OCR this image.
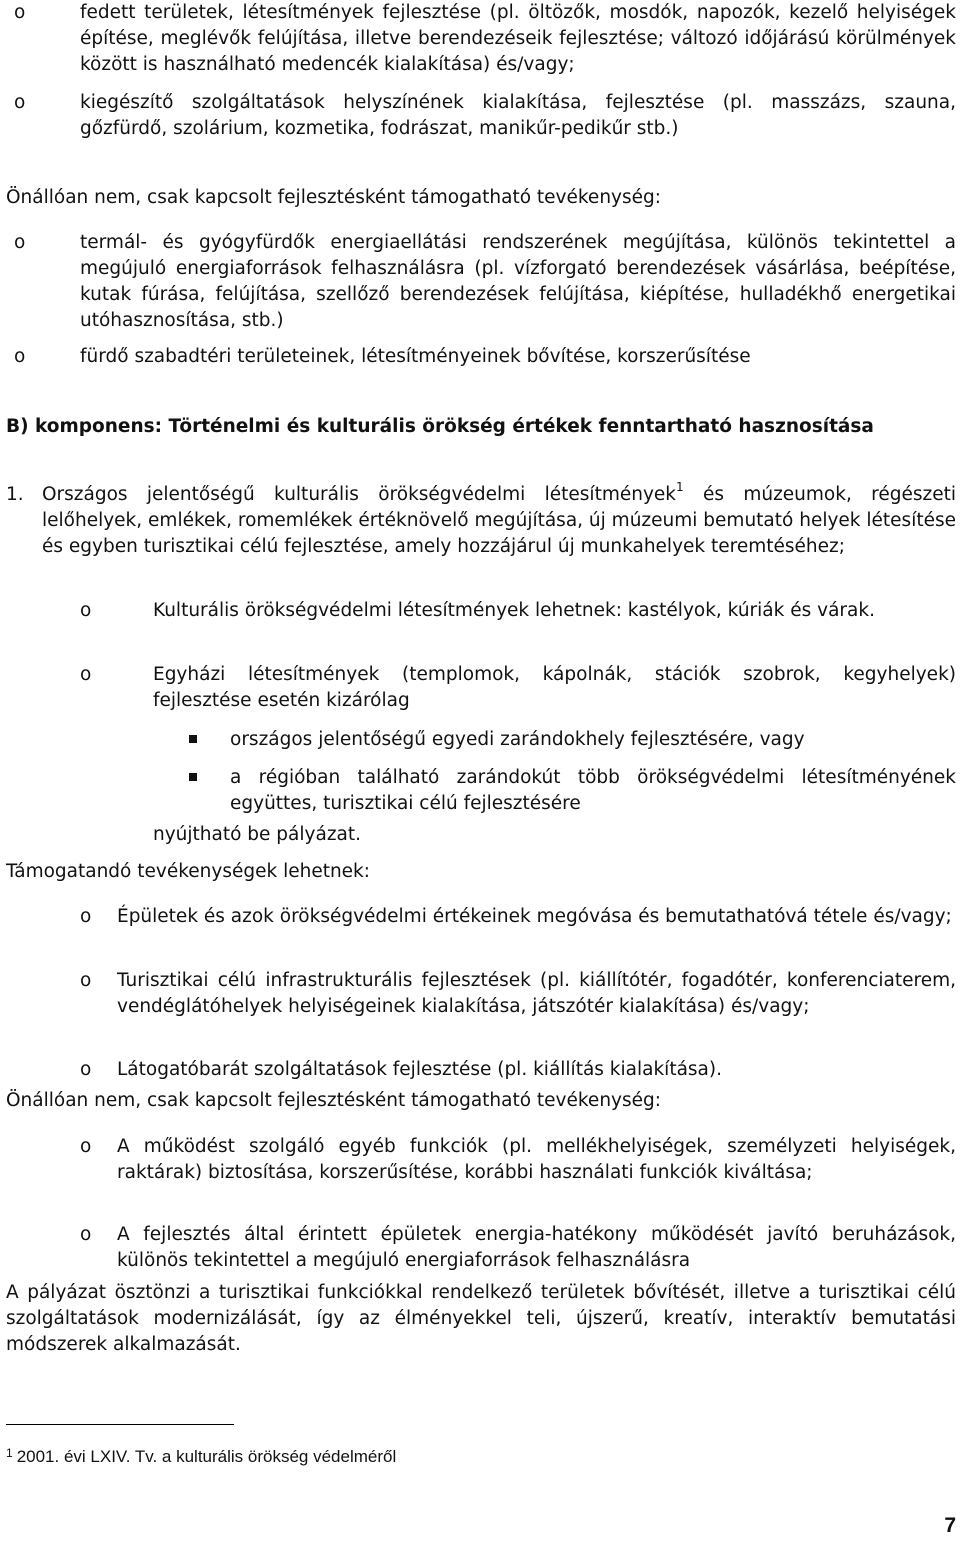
o	fedett területek, létesítmények fejlesztése (pl. öltözők, mosdók, napozók, kezelő helyiségek építése, meglévők felújítása, illetve berendezéseik fejlesztése; változó időjárású körülmények között is használható medencék kialakítása) és/vagy;
o	kiegészítő szolgáltatások helyszínének kialakítása, fejlesztése (pl. masszázs, szauna, gőzfürdő, szolárium, kozmetika, fodrászat, manikűr-pedikűr stb.)
Önállóan nem, csak kapcsolt fejlesztésként támogatható tevékenység:
o	termál- és gyógyfürdők energiaellátási rendszerének megújítása, különös tekintettel a megújuló energiaforrások felhasználásra (pl. vízforgató berendezések vásárlása, beépítése, kutak fúrása, felújítása, szellőző berendezések felújítása, kiépítése, hulladékhő energetikai utóhasznosítása, stb.)
o	fürdő szabadtéri területeinek, létesítményeinek bővítése, korszerűsítése
B) komponens: Történelmi és kulturális örökség értékek fenntartható hasznosítása
1. Országos jelentőségű kulturális örökségvédelmi létesítmények$^1$ és múzeumok, régészeti lelőhelyek, emlékek, romemlékek értéknövelő megújítása, új múzeumi bemutató helyek létesítése és egyben turisztikai célú fejlesztése, amely hozzájárul új munkahelyek teremtéséhez;
o	Kulturális örökségvédelmi létesítmények lehetnek: kastélyok, kúriák és várak.
o	Egyházi létesítmények (templomok, kápolnák, stációk szobrok, kegyhelyek) fejlesztése esetén kizárólag
országos jelentőségű egyedi zarándokhely fejlesztésére, vagy
a régióban található zarándokút több örökségvédelmi létesítményének együttes, turisztikai célú fejlesztésére
nyújtható be pályázat.
Támogatandó tevékenységek lehetnek:
o Épületek és azok örökségvédelmi értékeinek megóvása és bemutathatóvá tétele és/vagy;
o Turisztikai célú infrastrukturális fejlesztések (pl. kiállítótér, fogadótér, konferenciaterem, vendéglátóhelyek helyiségeinek kialakítása, játszótér kialakítása) és/vagy;
o Látogatóbarát szolgáltatások fejlesztése (pl. kiállítás kialakítása).
Önállóan nem, csak kapcsolt fejlesztésként támogatható tevékenység:
o A működést szolgáló egyéb funkciók (pl. mellékhelyiségek, személyzeti helyiségek, raktárak) biztosítása, korszerűsítése, korábbi használati funkciók kiváltása;
o A fejlesztés által érintett épületek energia-hatékony működését javító beruházások, különös tekintettel a megújuló energiaforrások felhasználásra
A pályázat ösztönzi a turisztikai funkciókkal rendelkező területek bővítését, illetve a turisztikai célú szolgáltatások modernizálását, így az élményekkel teli, újszerű, kreatív, interaktív bemutatási módszerek alkalmazását.
$^1$ 2001. évi LXIV. Tv. a kulturális örökség védelméről
7
